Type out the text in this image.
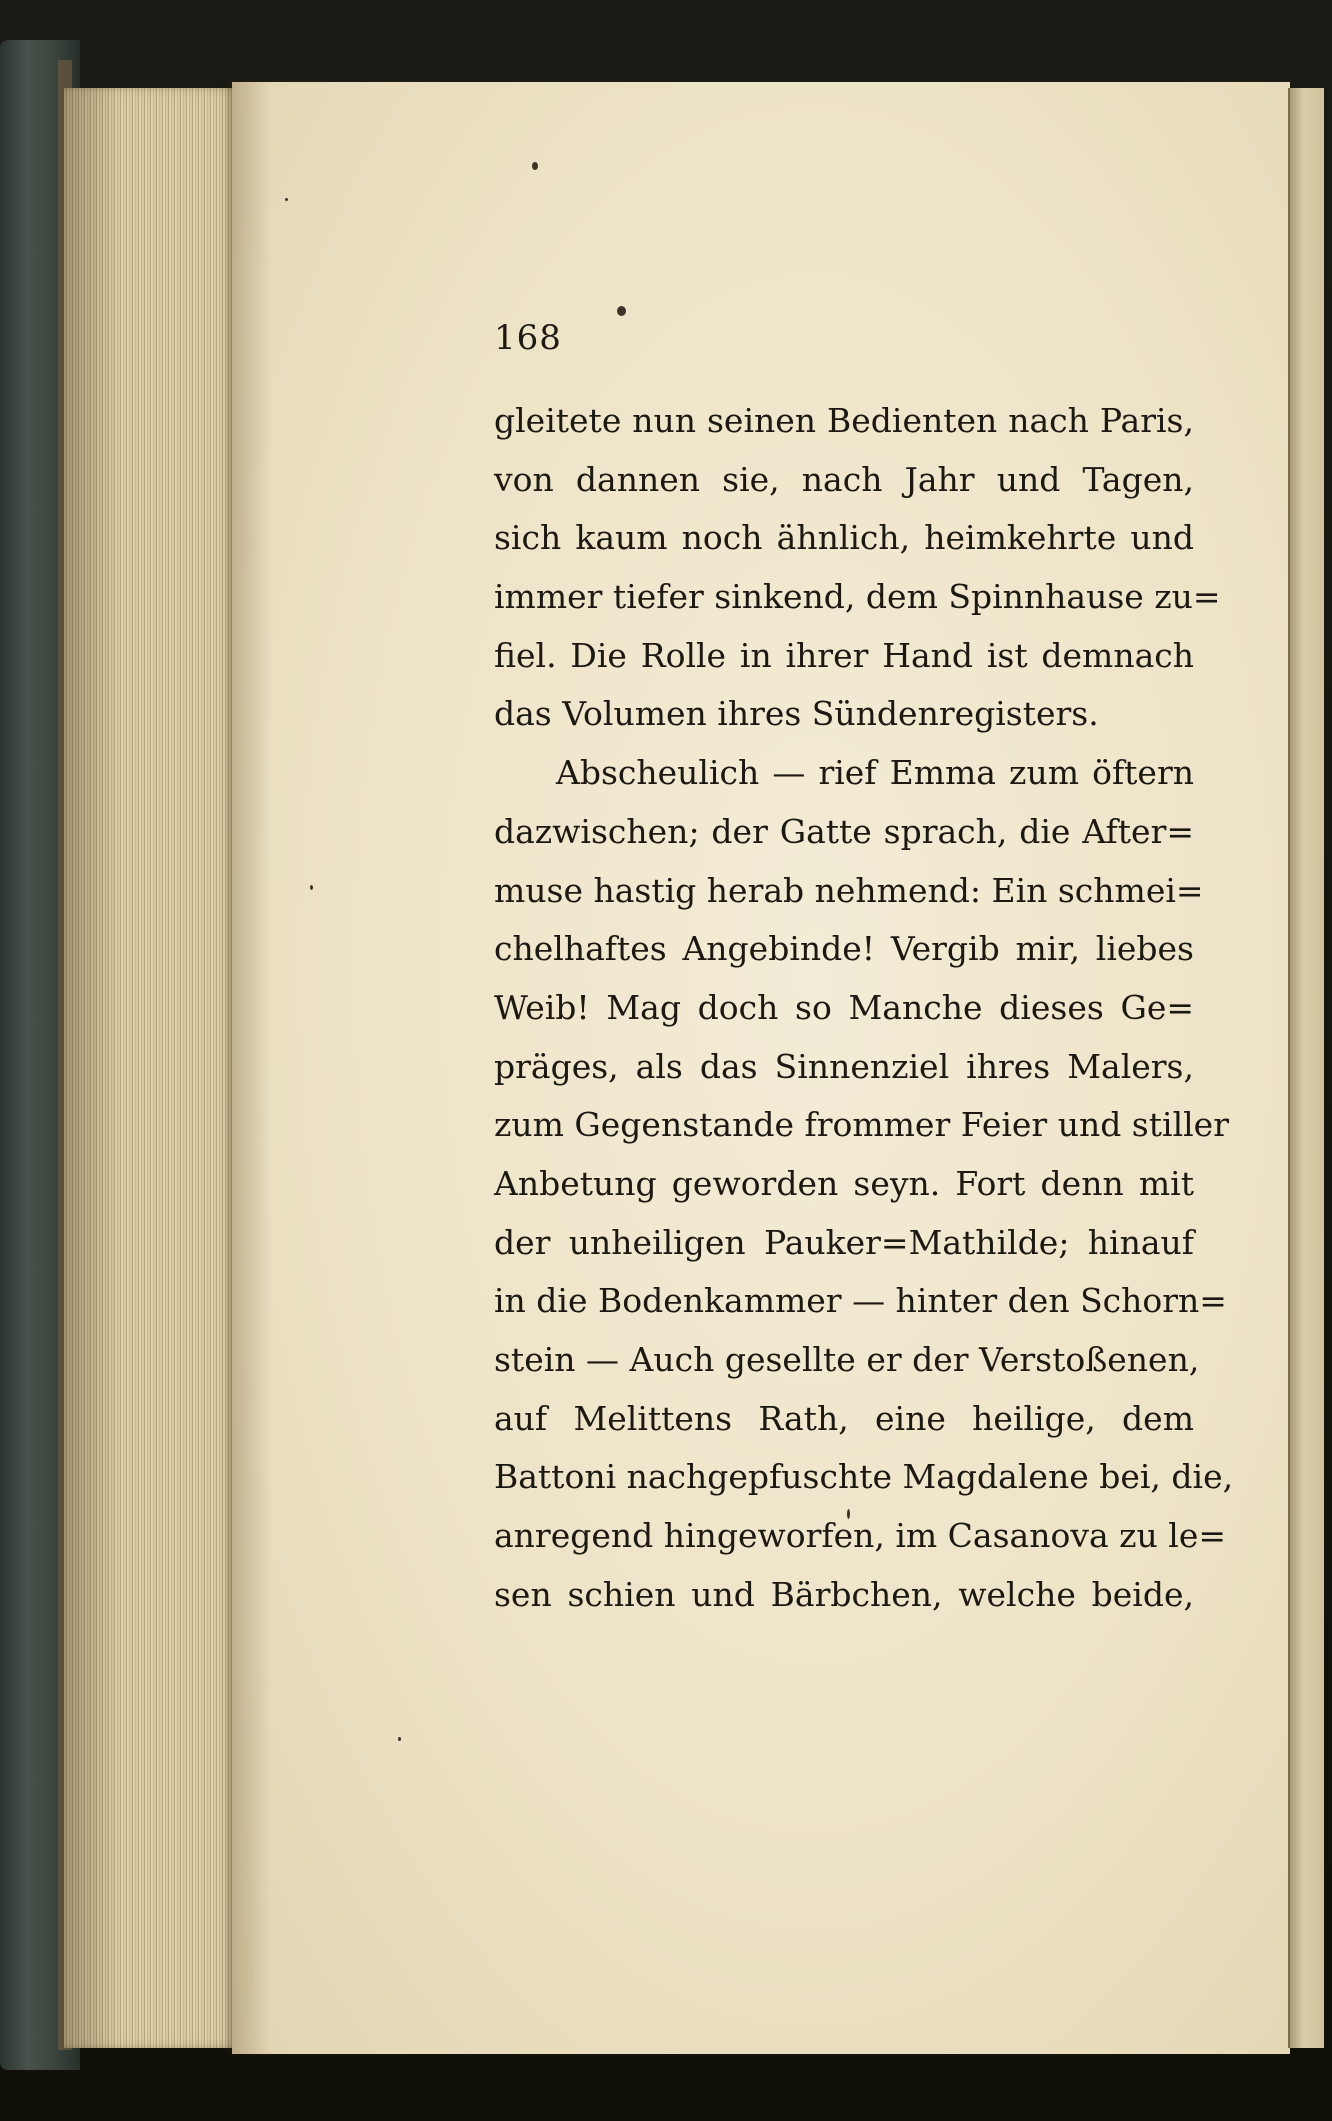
168

gleitete nun seinen Bedienten nach Paris,
von dannen sie, nach Jahr und Tagen,
sich kaum noch ähnlich, heimkehrte und
immer tiefer sinkend, dem Spinnhause zu=
fiel. Die Rolle in ihrer Hand ist demnach
das Volumen ihres Sündenregisters.
Abscheulich — rief Emma zum öftern
dazwischen; der Gatte sprach, die After=
muse hastig herab nehmend: Ein schmei=
chelhaftes Angebinde! Vergib mir, liebes
Weib! Mag doch so Manche dieses Ge=
präges, als das Sinnenziel ihres Malers,
zum Gegenstande frommer Feier und stiller
Anbetung geworden seyn. Fort denn mit
der unheiligen Pauker=Mathilde; hinauf
in die Bodenkammer — hinter den Schorn=
stein — Auch gesellte er der Verstoßenen,
auf Melittens Rath, eine heilige, dem
Battoni nachgepfuschte Magdalene bei, die,
anregend hingeworfen, im Casanova zu le=
sen schien und Bärbchen, welche beide,
